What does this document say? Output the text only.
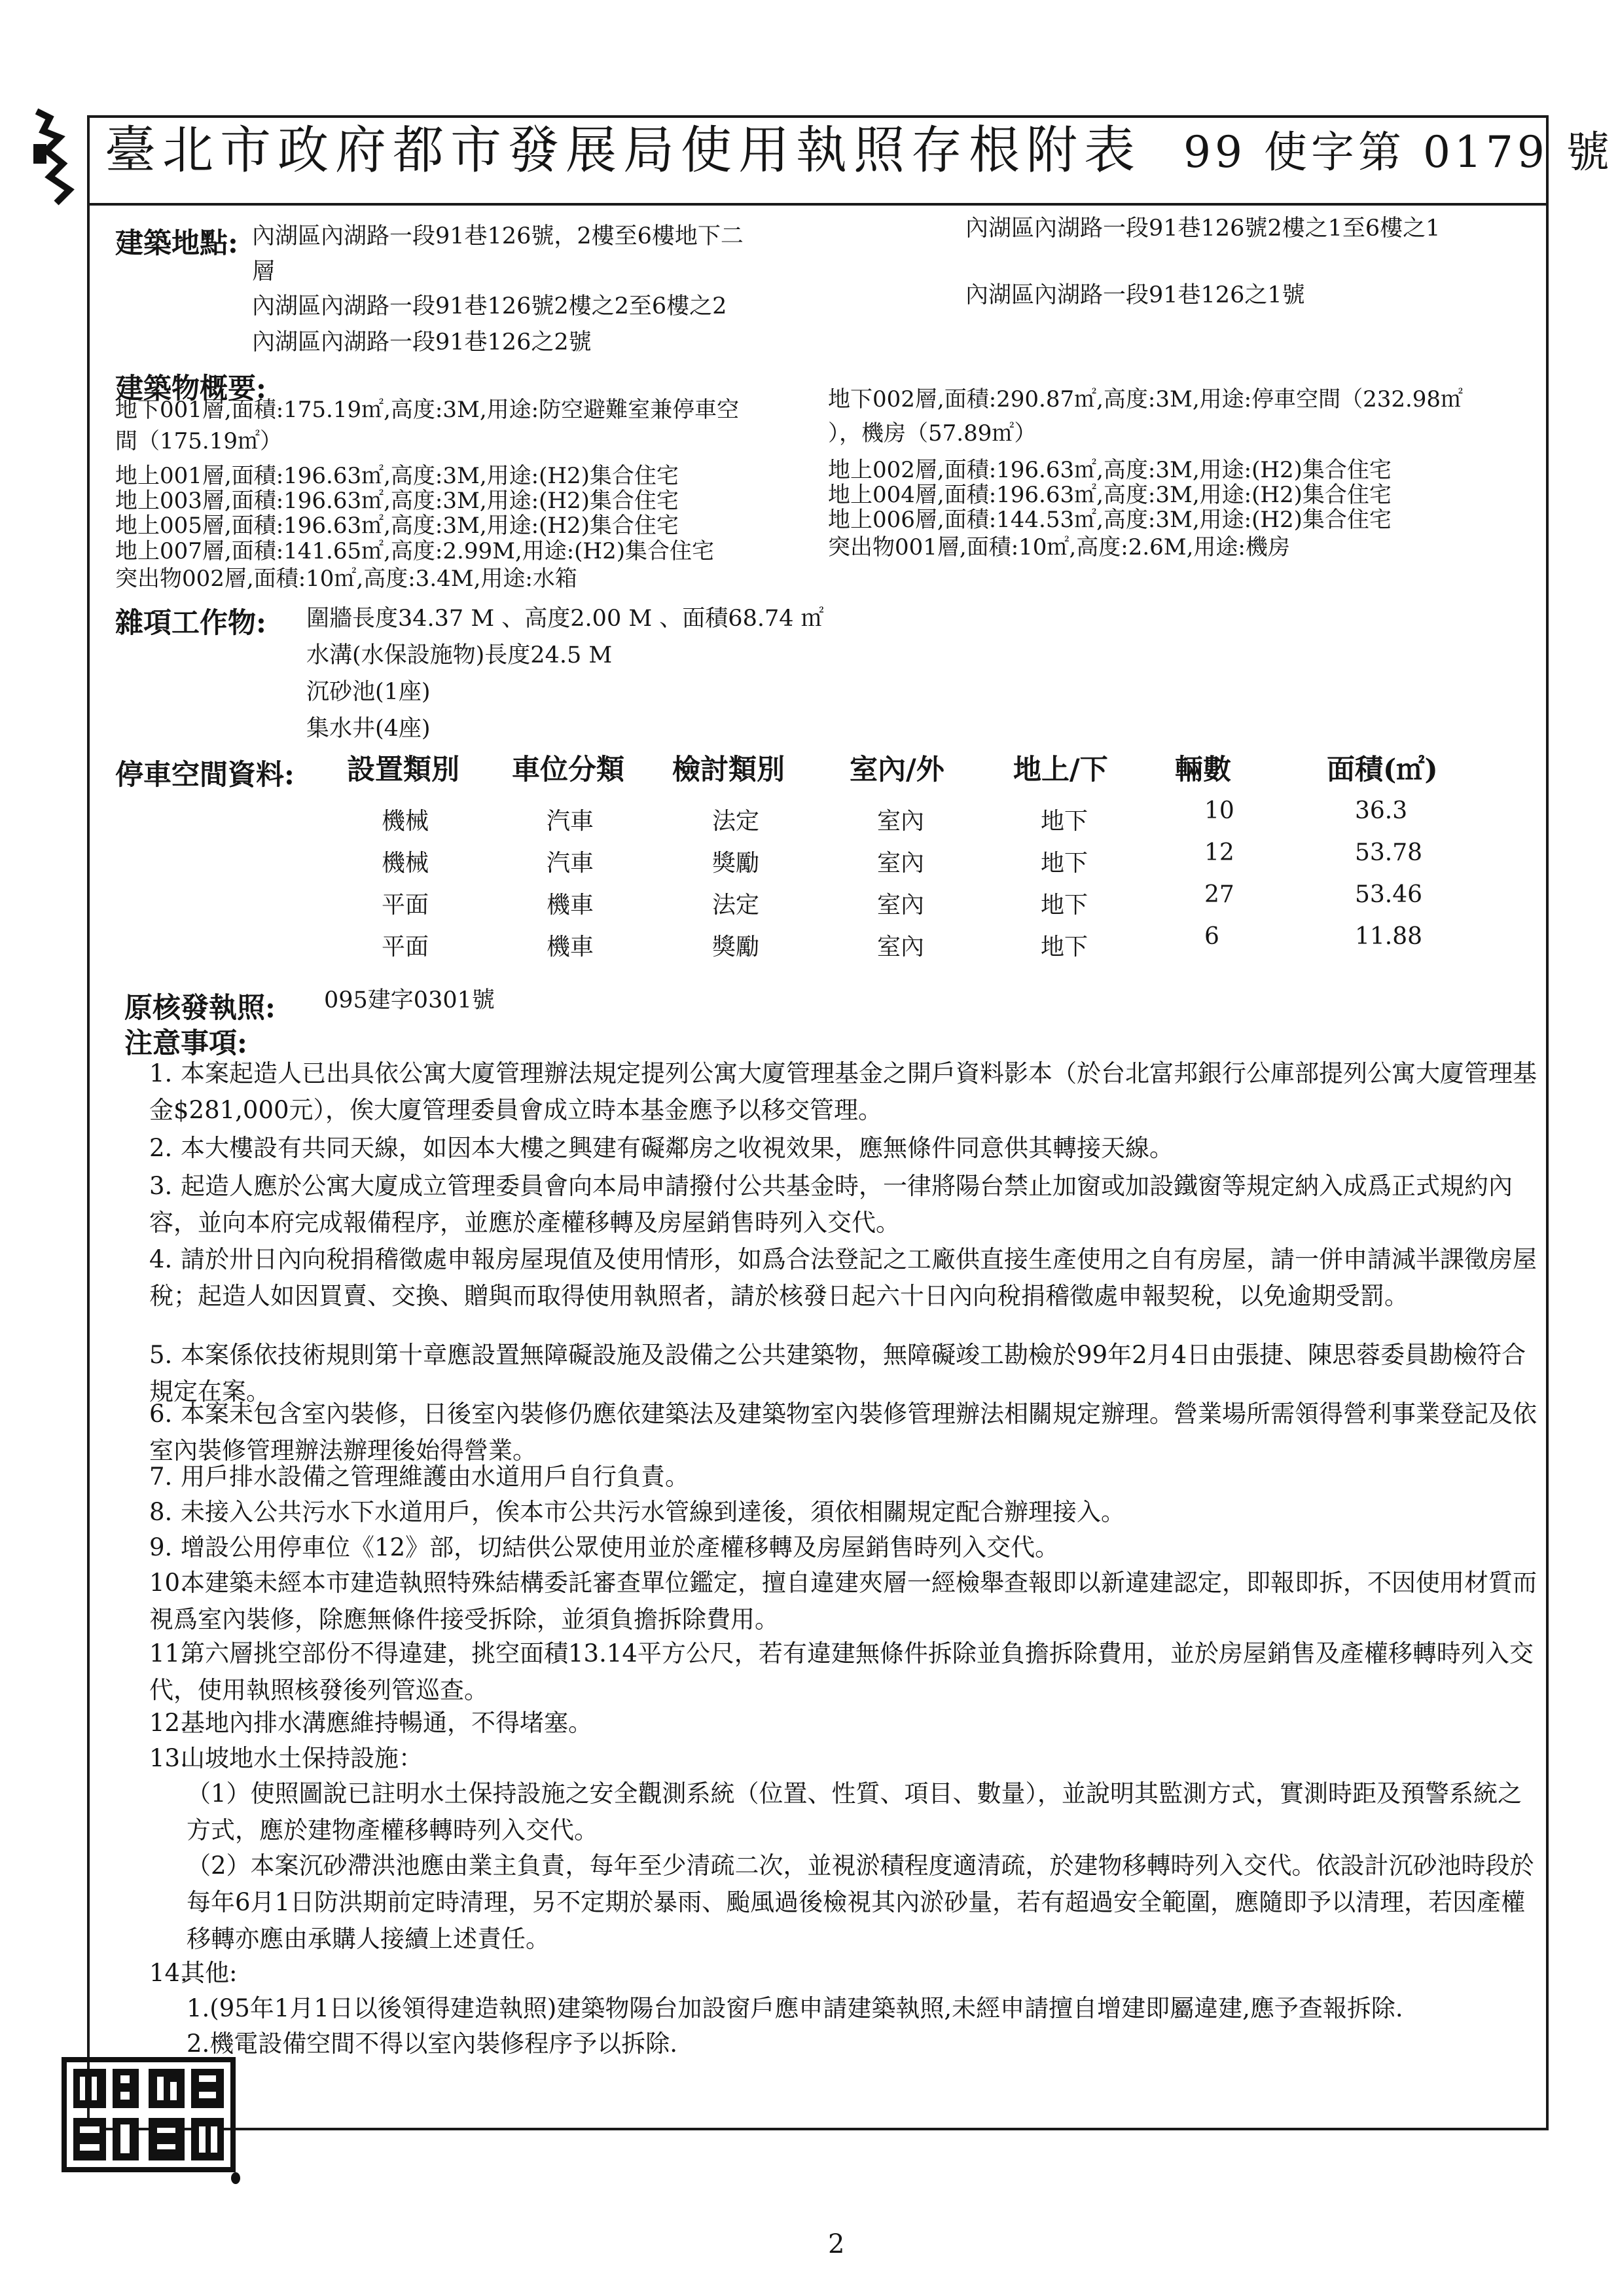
臺北市政府都市發展局使用執照存根附表 99 使字第 0179 號
建築地點: 內湖區內湖路一段91巷126號，2樓至6樓地下二
層
內湖區內湖路一段91巷126號2樓之2至6樓之2
內湖區內湖路一段91巷126之2號
內湖區內湖路一段91巷126號2樓之1至6樓之1
內湖區內湖路一段91巷126之1號
建築物概要:
地下001層,面積:175.19㎡,高度:3M,用途:防空避難室兼停車空
間（175.19㎡）
地上001層,面積:196.63㎡,高度:3M,用途:(H2)集合住宅
地上003層,面積:196.63㎡,高度:3M,用途:(H2)集合住宅
地上005層,面積:196.63㎡,高度:3M,用途:(H2)集合住宅
地上007層,面積:141.65㎡,高度:2.99M,用途:(H2)集合住宅
突出物002層,面積:10㎡,高度:3.4M,用途:水箱
地下002層,面積:290.87㎡,高度:3M,用途:停車空間（232.98㎡
），機房（57.89㎡）
地上002層,面積:196.63㎡,高度:3M,用途:(H2)集合住宅
地上004層,面積:196.63㎡,高度:3M,用途:(H2)集合住宅
地上006層,面積:144.53㎡,高度:3M,用途:(H2)集合住宅
突出物001層,面積:10㎡,高度:2.6M,用途:機房
雜項工作物: 圍牆長度34.37 M 、高度2.00 M 、面積68.74 ㎡
水溝(水保設施物)長度24.5 M
沉砂池(1座)
集水井(4座)
停車空間資料: 設置類別 車位分類 檢討類別 室內/外 地上/下 輛數	面積(㎡)
機械	汽車	法定	室內	地下	10	36.3
機械	汽車	獎勵	室內	地下	12	53.78
平面	機車	法定	室內	地下	27	53.46
平面	機車	獎勵	室內	地下	6	11.88
原核發執照: 095建字0301號
注意事項:
1. 本案起造人已出具依公寓大廈管理辦法規定提列公寓大廈管理基金之開戶資料影本（於台北富邦銀行公庫部提列公寓大廈管理基金$281,000元），俟大廈管理委員會成立時本基金應予以移交管理。
2. 本大樓設有共同天線，如因本大樓之興建有礙鄰房之收視效果，應無條件同意供其轉接天線。
3. 起造人應於公寓大廈成立管理委員會向本局申請撥付公共基金時，一律將陽台禁止加窗或加設鐵窗等規定納入成爲正式規約內容，並向本府完成報備程序，並應於產權移轉及房屋銷售時列入交代。
4. 請於卅日內向稅捐稽徵處申報房屋現值及使用情形，如爲合法登記之工廠供直接生產使用之自有房屋，請一併申請減半課徵房屋稅；起造人如因買賣、交換、贈與而取得使用執照者，請於核發日起六十日內向稅捐稽徵處申報契稅，以免逾期受罰。
5. 本案係依技術規則第十章應設置無障礙設施及設備之公共建築物，無障礙竣工勘檢於99年2月4日由張捷、陳思蓉委員勘檢符合規定在案。
6. 本案未包含室內裝修，日後室內裝修仍應依建築法及建築物室內裝修管理辦法相關規定辦理。營業場所需領得營利事業登記及依室內裝修管理辦法辦理後始得營業。
7. 用戶排水設備之管理維護由水道用戶自行負責。
8. 未接入公共污水下水道用戶，俟本市公共污水管線到達後，須依相關規定配合辦理接入。
9. 增設公用停車位《12》部，切結供公眾使用並於產權移轉及房屋銷售時列入交代。
10.本建築未經本市建造執照特殊結構委託審查單位鑑定，擅自違建夾層一經檢舉查報即以新違建認定，即報即拆，不因使用材質而視爲室內裝修，除應無條件接受拆除，並須負擔拆除費用。
11.第六層挑空部份不得違建，挑空面積13.14平方公尺，若有違建無條件拆除並負擔拆除費用，並於房屋銷售及產權移轉時列入交代，使用執照核發後列管巡查。
12.基地內排水溝應維持暢通，不得堵塞。
13.山坡地水土保持設施：
（1）使照圖說已註明水土保持設施之安全觀測系統（位置、性質、項目、數量），並說明其監測方式，實測時距及預警系統之方式，應於建物產權移轉時列入交代。
（2）本案沉砂滯洪池應由業主負責，每年至少清疏二次，並視淤積程度適清疏，於建物移轉時列入交代。依設計沉砂池時段於每年6月1日防洪期前定時清理，另不定期於暴雨、颱風過後檢視其內淤砂量，若有超過安全範圍，應隨即予以清理，若因產權移轉亦應由承購人接續上述責任。
14.其他:
1.(95年1月1日以後領得建造執照)建築物陽台加設窗戶應申請建築執照,未經申請擅自增建即屬違建,應予查報拆除.
2.機電設備空間不得以室內裝修程序予以拆除.
2
